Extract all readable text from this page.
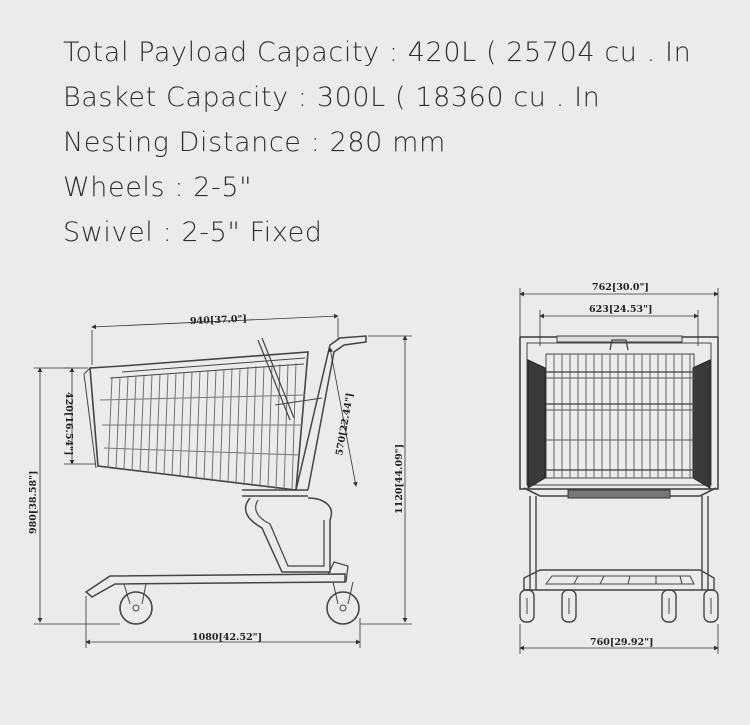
Total Payload Capacity : 420L ( 25704 cu . In
Basket Capacity : 300L ( 18360 cu . In
Nesting Distance : 280 mm
Wheels : 2-5"
Swivel : 2-5" Fixed
940[37.0"]
420[16.54"]	570[22.44"]
1120[44.09"]
980[38.58"]
1080[42.52"]
762[30.0"]
623[24.53"]
760[29.92"]
